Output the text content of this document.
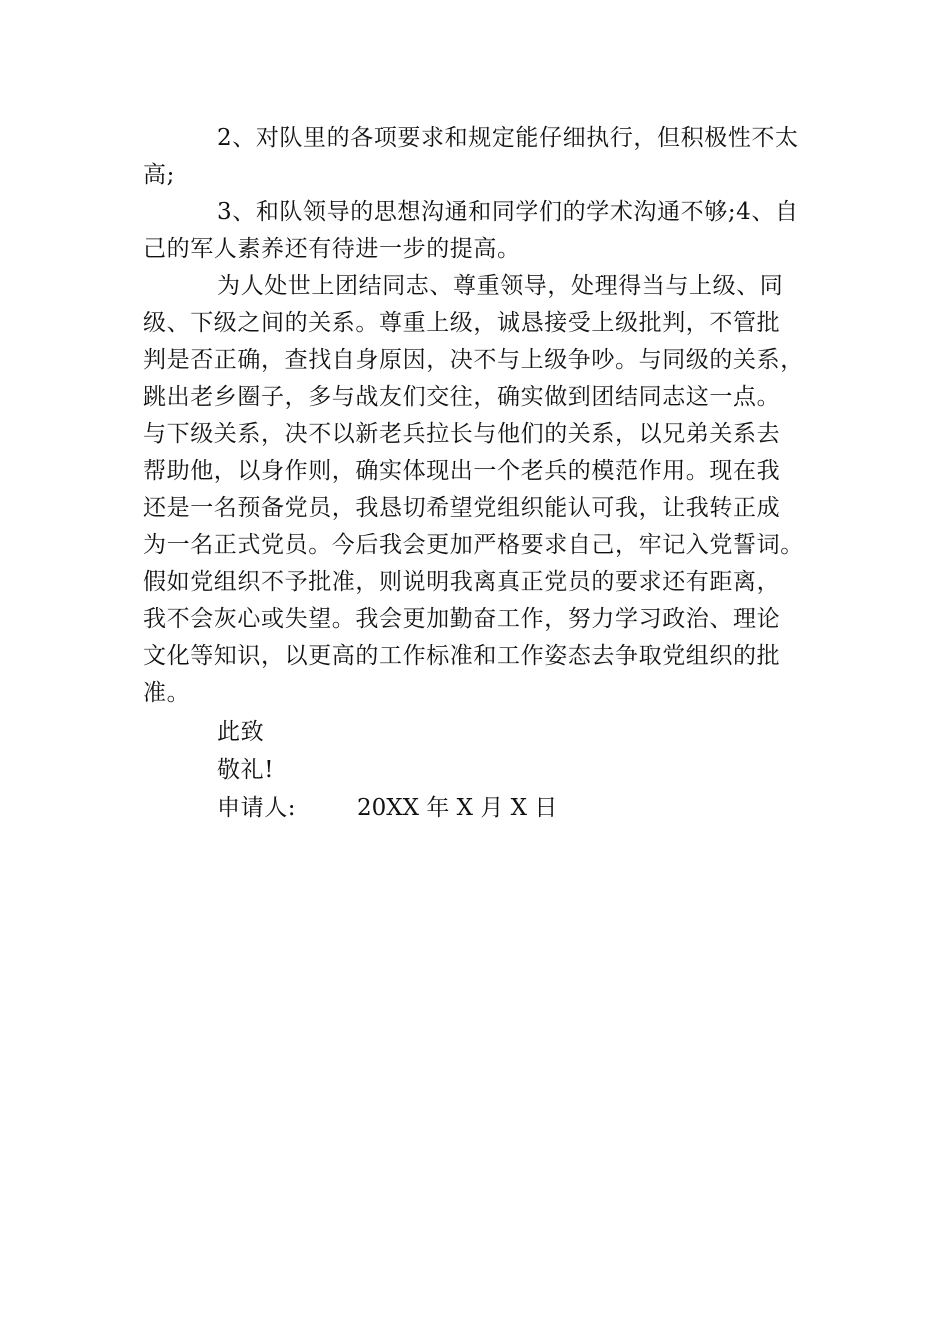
2、对队里的各项要求和规定能仔细执行，但积极性不太

高;

3、和队领导的思想沟通和同学们的学术沟通不够;4、自

己的军人素养还有待进一步的提高。

为人处世上团结同志、尊重领导，处理得当与上级、同

级、下级之间的关系。尊重上级，诚恳接受上级批判，不管批

判是否正确，查找自身原因，决不与上级争吵。与同级的关系，

跳出老乡圈子，多与战友们交往，确实做到团结同志这一点。

与下级关系，决不以新老兵拉长与他们的关系，以兄弟关系去

帮助他，以身作则，确实体现出一个老兵的模范作用。现在我

还是一名预备党员，我恳切希望党组织能认可我，让我转正成

为一名正式党员。今后我会更加严格要求自己，牢记入党誓词。

假如党组织不予批准，则说明我离真正党员的要求还有距离，

我不会灰心或失望。我会更加勤奋工作，努力学习政治、理论

文化等知识，以更高的工作标准和工作姿态去争取党组织的批

准。

此致

敬礼!

申请人:	20XX 年 X 月 X 日
